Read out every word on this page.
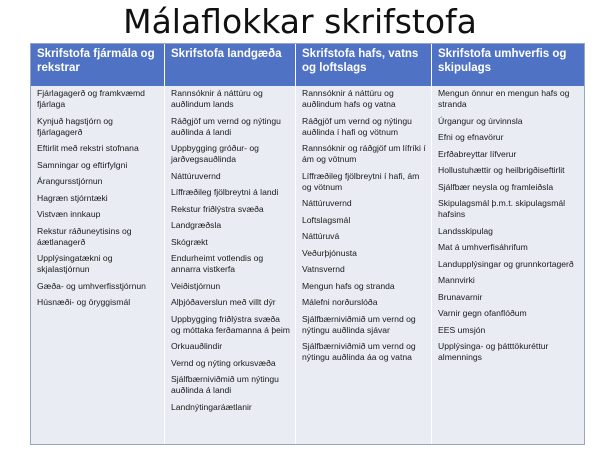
Málaflokkar skrifstofa
Skrifstofa fjármála og rekstrar
Skrifstofa landgæða	Skrifstofa hafs, vatns og loftslags
Skrifstofa umhverfis og skipulags
Fjárlagagerð og framkvæmd fjárlaga
Kynjuð hagstjórn og fjárlagagerð
Eftirlit með rekstri stofnana
Samningar og eftirfylgni
Árangursstjórnun
Hagræn stjórntæki
Vistvæn innkaup
Rekstur ráðuneytisins og áætlanagerð
Upplýsingatækni og skjalastjórnun
Gæða- og umhverfisstjórnun
Húsnæði- og öryggismál
Rannsóknir á náttúru og auðlindum lands
Ráðgjöf um vernd og nýtingu auðlinda á landi
Uppbygging gróður- og jarðvegsauðlinda
Náttúruvernd
Líffræðileg fjölbreytni á landi
Rekstur friðlýstra svæða
Landgræðsla
Skógrækt
Endurheimt votlendis og annarra vistkerfa
Veiðistjórnun
Alþjóðaverslun með villt dýr
Uppbygging friðlýstra svæða og móttaka ferðamanna á þeim
Orkuauðlindir
Vernd og nýting orkusvæða
Sjálfbærniviðmið um nýtingu auðlinda á landi
Landnýtingaráætlanir
Rannsóknir á náttúru og auðlindum hafs og vatna
Ráðgjöf um vernd og nýtingu auðlinda í hafi og vötnum
Rannsóknir og ráðgjöf um lífríki í ám og vötnum
Líffræðileg fjölbreytni í hafi, ám og vötnum
Náttúruvernd
Loftslagsmál
Náttúruvá
Veðurþjónusta
Vatnsvernd
Mengun hafs og stranda
Málefni norðurslóða
Sjálfbærniviðmið um vernd og nýtingu auðlinda sjávar
Sjálfbærniviðmið um vernd og nýtingu auðlinda áa og vatna
Mengun önnur en mengun hafs og stranda
Úrgangur og úrvinnsla
Efni og efnavörur
Erfðabreyttar lífverur
Hollustuhættir og heilbrigðiseftirlit
Sjálfbær neysla og framleiðsla
Skipulagsmál þ.m.t. skipulagsmál hafsins
Landsskipulag
Mat á umhverfisáhrifum
Landupplýsingar og grunnkortagerð
Mannvirki
Brunavarnir
Varnir gegn ofanflóðum
EES umsjón
Upplýsinga- og þátttökuréttur almennings
